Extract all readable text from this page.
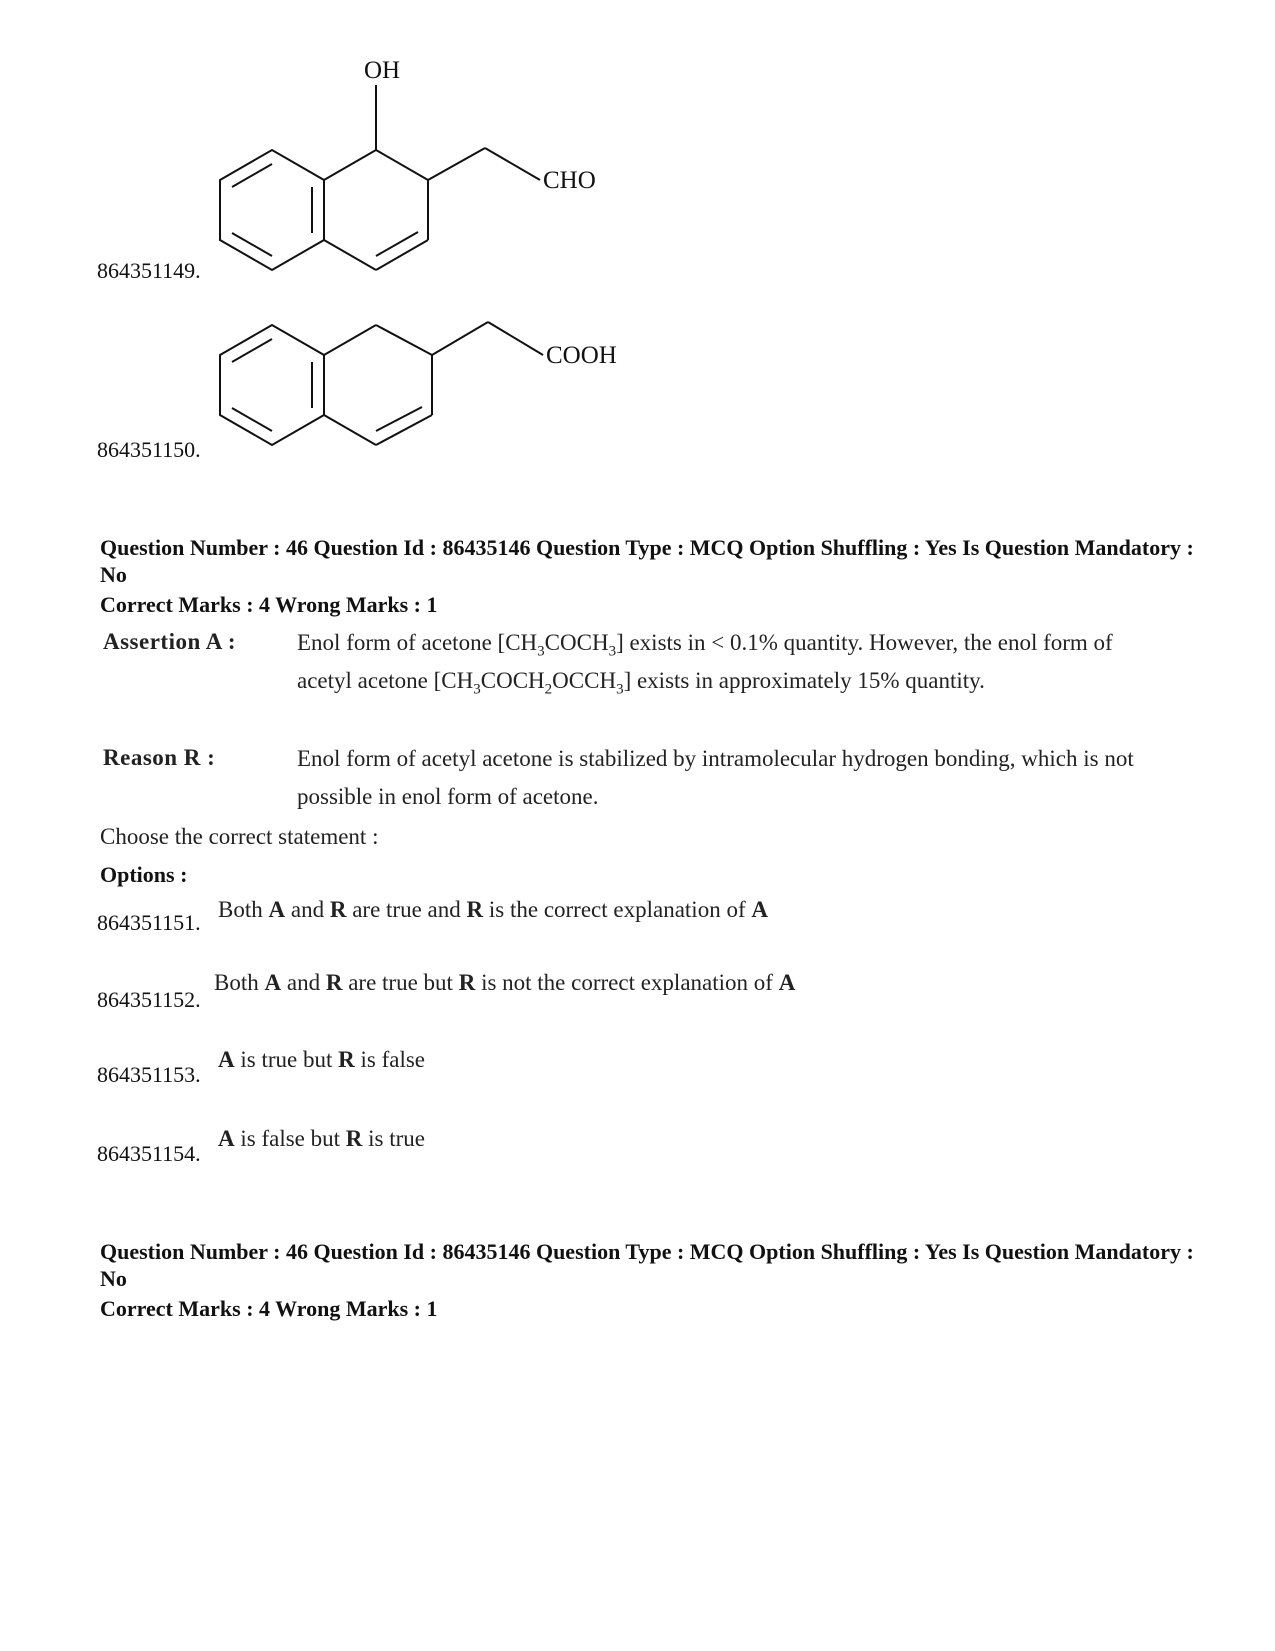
OH
CHO
864351149.
COOH
864351150.
Question Number : 46 Question Id : 86435146 Question Type : MCQ Option Shuffling : Yes Is Question Mandatory : No
Correct Marks : 4 Wrong Marks : 1
Assertion A :	Enol form of acetone $[CH_3COCH_3]$ exists in < 0.1% quantity. However, the enol form of acetyl acetone $[CH_3COCH_2OCCH_3]$ exists in approximately 15% quantity.
Reason R :	Enol form of acetyl acetone is stabilized by intramolecular hydrogen bonding, which is not possible in enol form of acetone.
Choose the correct statement :
Options :
864351151.
Both A and R are true and R is the correct explanation of A
864351152.
Both A and R are true but R is not the correct explanation of A
864351153.
A is true but R is false
864351154.
A is false but R is true
Question Number : 46 Question Id : 86435146 Question Type : MCQ Option Shuffling : Yes Is Question Mandatory : No
Correct Marks : 4 Wrong Marks : 1
